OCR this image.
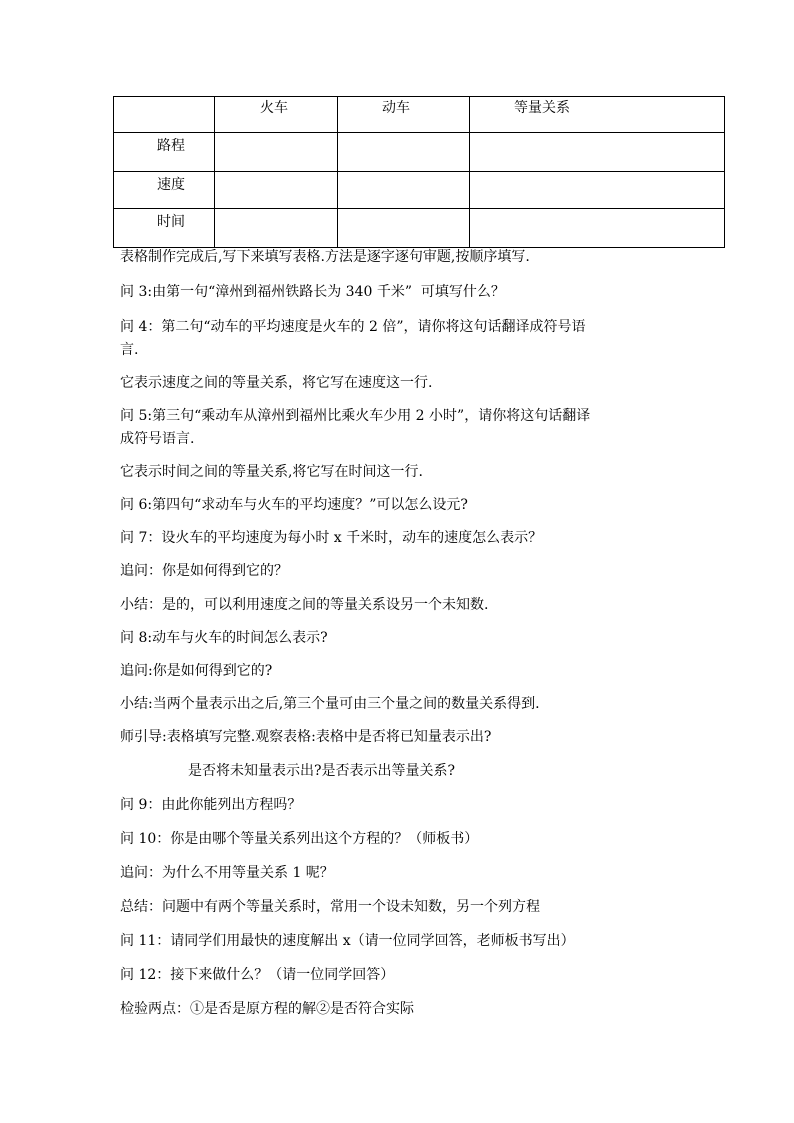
	火车	动车	等量关系

路程			

速度			

时间			

表格制作完成后,写下来填写表格.方法是逐字逐句审题,按顺序填写.
问 3:由第一句“漳州到福州铁路长为 340 千米”  可填写什么？
问 4：第二句“动车的平均速度是火车的 2 倍”，请你将这句话翻译成符号语
言.
它表示速度之间的等量关系，将它写在速度这一行.
问 5:第三句“乘动车从漳州到福州比乘火车少用 2 小时”，请你将这句话翻译
成符号语言.
它表示时间之间的等量关系,将它写在时间这一行.
问 6:第四句“求动车与火车的平均速度？”可以怎么设元?
问 7：设火车的平均速度为每小时 x 千米时，动车的速度怎么表示？
追问：你是如何得到它的？
小结：是的，可以利用速度之间的等量关系设另一个未知数.
问 8:动车与火车的时间怎么表示?
追问:你是如何得到它的?
小结:当两个量表示出之后,第三个量可由三个量之间的数量关系得到.
师引导:表格填写完整.观察表格:表格中是否将已知量表示出?
是否将未知量表示出?是否表示出等量关系?
问 9：由此你能列出方程吗？
问 10：你是由哪个等量关系列出这个方程的？（师板书）
追问：为什么不用等量关系 1 呢？
总结：问题中有两个等量关系时，常用一个设未知数，另一个列方程
问 11：请同学们用最快的速度解出 x（请一位同学回答，老师板书写出）
问 12：接下来做什么？（请一位同学回答）
检验两点：①是否是原方程的解②是否符合实际
